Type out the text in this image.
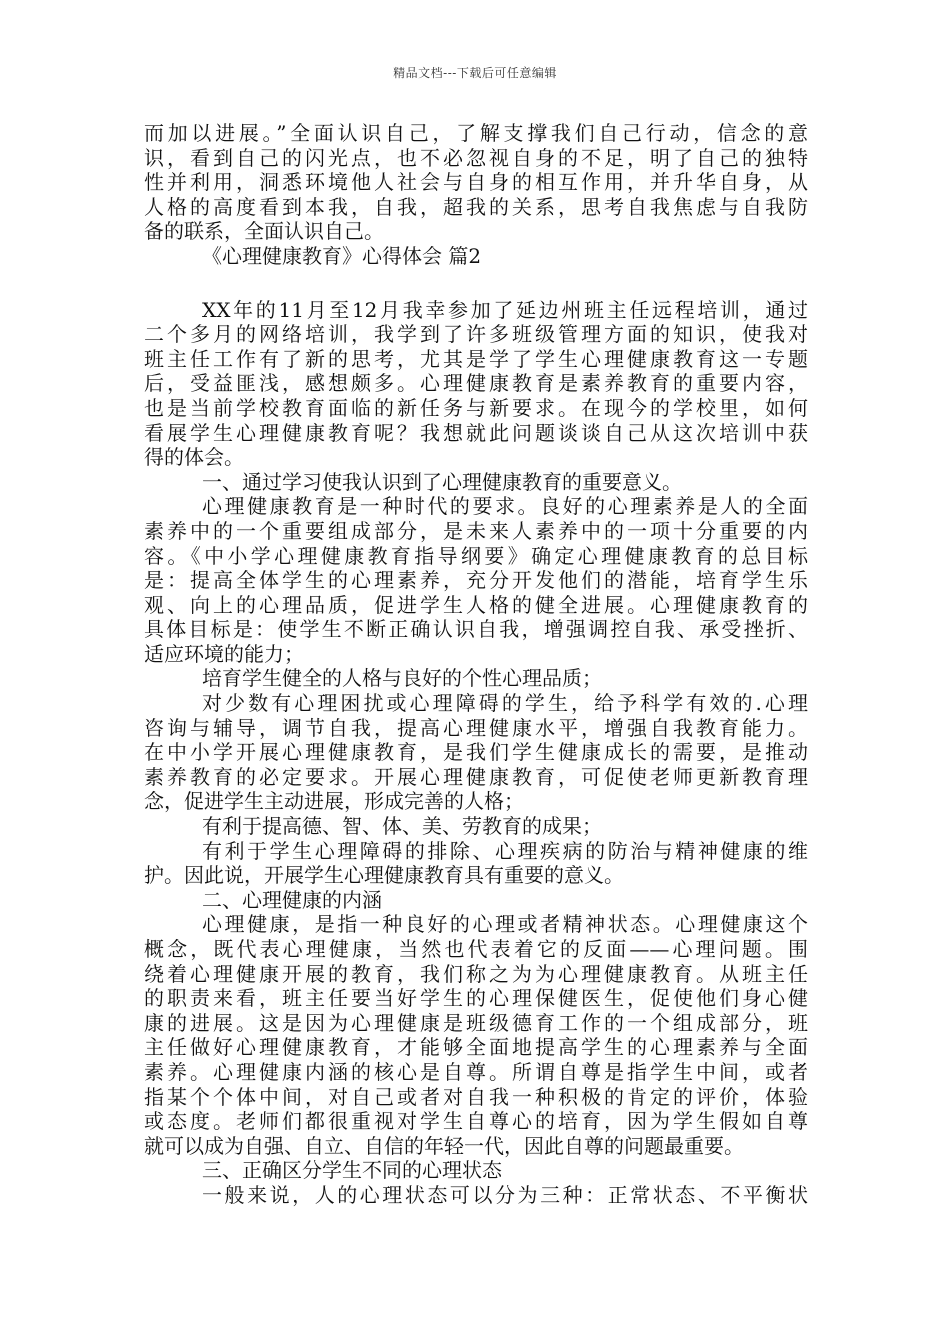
精品文档---下载后可任意编辑
而加以进展。”全面认识自己，了解支撑我们自己行动，信念的意
识，看到自己的闪光点，也不必忽视自身的不足，明了自己的独特
性并利用，洞悉环境他人社会与自身的相互作用，并升华自身，从
人格的高度看到本我，自我，超我的关系，思考自我焦虑与自我防
备的联系，全面认识自己。
《心理健康教育》心得体会 篇2
XX年的11月至12月我幸参加了延边州班主任远程培训，通过
二个多月的网络培训，我学到了许多班级管理方面的知识，使我对
班主任工作有了新的思考，尤其是学了学生心理健康教育这一专题
后，受益匪浅，感想颇多。心理健康教育是素养教育的重要内容，
也是当前学校教育面临的新任务与新要求。在现今的学校里，如何
看展学生心理健康教育呢？我想就此问题谈谈自己从这次培训中获
得的体会。
一、通过学习使我认识到了心理健康教育的重要意义。
心理健康教育是一种时代的要求。良好的心理素养是人的全面
素养中的一个重要组成部分，是未来人素养中的一项十分重要的内
容。《中小学心理健康教育指导纲要》确定心理健康教育的总目标
是：提高全体学生的心理素养，充分开发他们的潜能，培育学生乐
观、向上的心理品质，促进学生人格的健全进展。心理健康教育的
具体目标是：使学生不断正确认识自我，增强调控自我、承受挫折、
适应环境的能力；
培育学生健全的人格与良好的个性心理品质；
对少数有心理困扰或心理障碍的学生，给予科学有效的.心理
咨询与辅导，调节自我，提高心理健康水平，增强自我教育能力。
在中小学开展心理健康教育，是我们学生健康成长的需要，是推动
素养教育的必定要求。开展心理健康教育，可促使老师更新教育理
念，促进学生主动进展，形成完善的人格；
有利于提高德、智、体、美、劳教育的成果；
有利于学生心理障碍的排除、心理疾病的防治与精神健康的维
护。因此说，开展学生心理健康教育具有重要的意义。
二、心理健康的内涵
心理健康，是指一种良好的心理或者精神状态。心理健康这个
概念，既代表心理健康，当然也代表着它的反面——心理问题。围
绕着心理健康开展的教育，我们称之为为心理健康教育。从班主任
的职责来看，班主任要当好学生的心理保健医生，促使他们身心健
康的进展。这是因为心理健康是班级德育工作的一个组成部分，班
主任做好心理健康教育，才能够全面地提高学生的心理素养与全面
素养。心理健康内涵的核心是自尊。所谓自尊是指学生中间，或者
指某个个体中间，对自己或者对自我一种积极的肯定的评价，体验
或态度。老师们都很重视对学生自尊心的培育，因为学生假如自尊
就可以成为自强、自立、自信的年轻一代，因此自尊的问题最重要。
三、正确区分学生不同的心理状态
一般来说，人的心理状态可以分为三种：正常状态、不平衡状
